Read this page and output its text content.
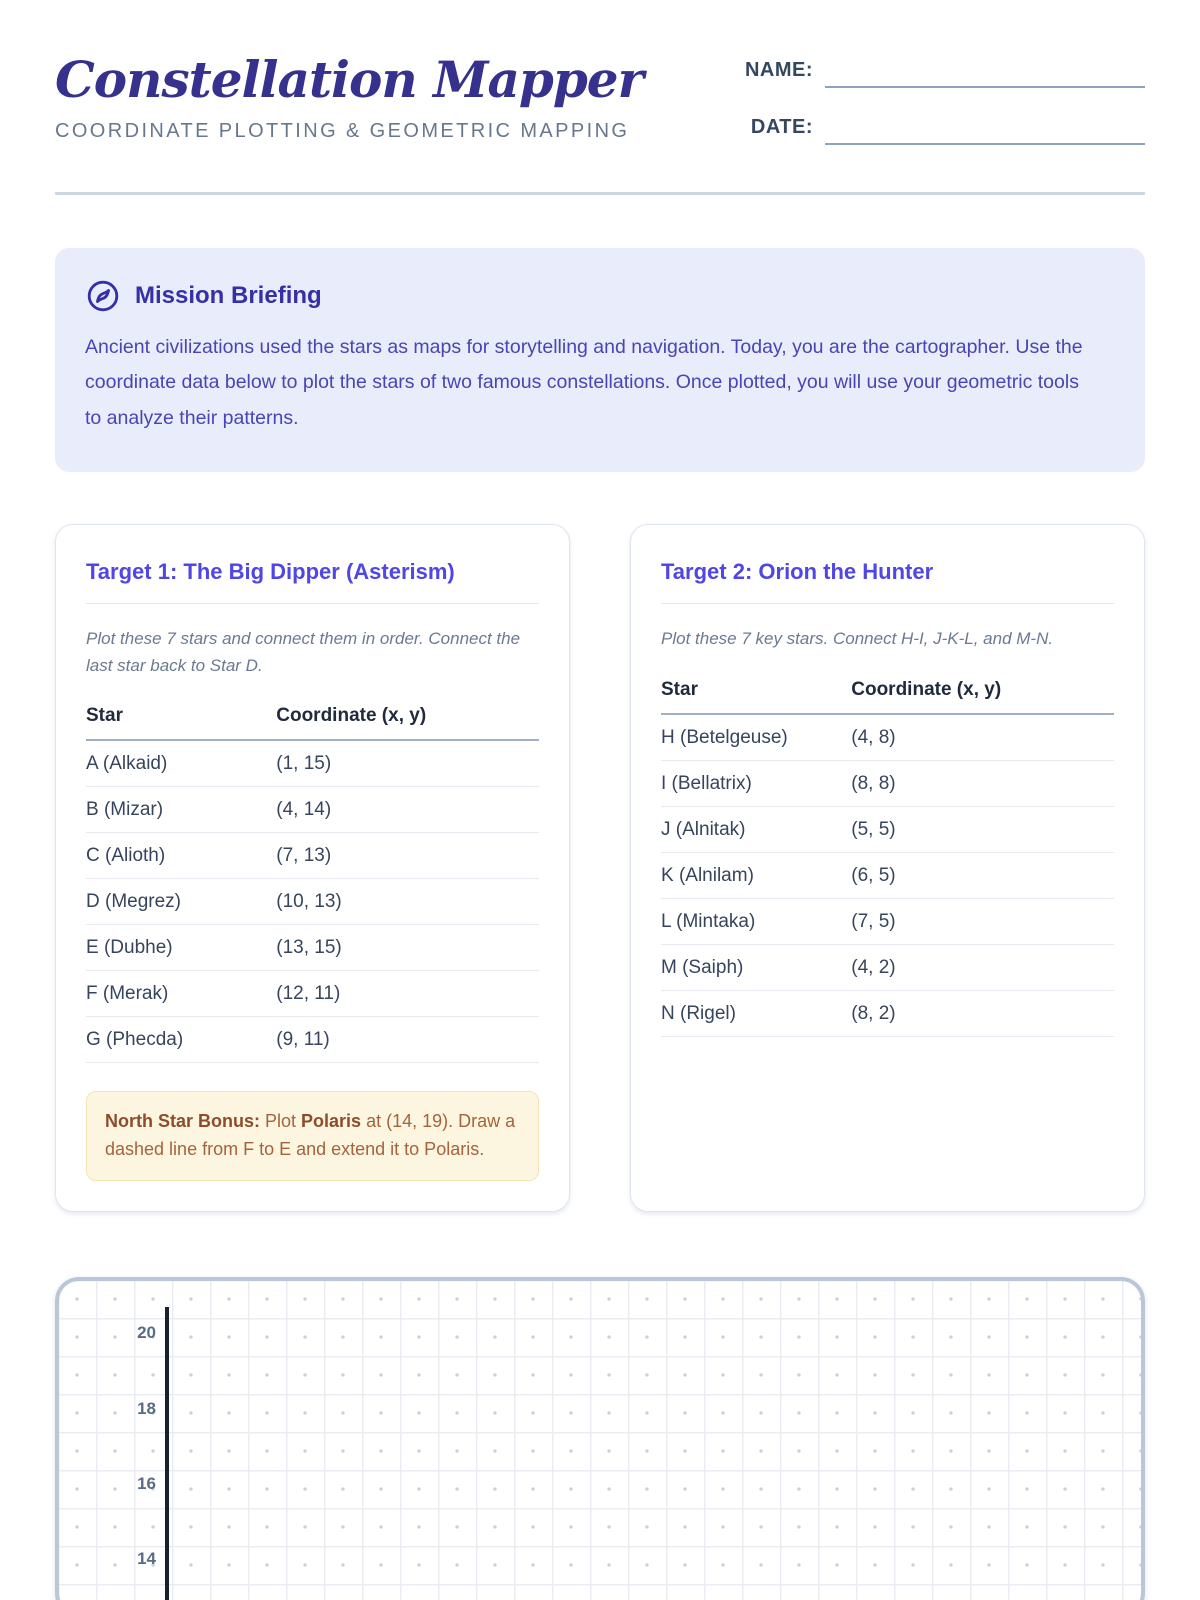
Constellation Mapper
COORDINATE PLOTTING & GEOMETRIC MAPPING
NAME:
DATE:
Mission Briefing

Ancient civilizations used the stars as maps for storytelling and navigation. Today, you are the cartographer. Use the coordinate data below to plot the stars of two famous constellations. Once plotted, you will use your geometric tools to analyze their patterns.

Target 1: The Big Dipper (Asterism)

Plot these 7 stars and connect them in order. Connect the last star back to Star D.

Star	Coordinate (x, y)
A (Alkaid)	(1, 15)
B (Mizar)	(4, 14)
C (Alioth)	(7, 13)
D (Megrez)	(10, 13)
E (Dubhe)	(13, 15)
F (Merak)	(12, 11)
G (Phecda)	(9, 11)
North Star Bonus: Plot Polaris at (14, 19). Draw a dashed line from F to E and extend it to Polaris.
Target 2: Orion the Hunter

Plot these 7 key stars. Connect H-I, J-K-L, and M-N.

Star	Coordinate (x, y)
H (Betelgeuse)	(4, 8)
I (Bellatrix)	(8, 8)
J (Alnitak)	(5, 5)
K (Alnilam)	(6, 5)
L (Mintaka)	(7, 5)
M (Saiph)	(4, 2)
N (Rigel)	(8, 2)
20
18
16
14
